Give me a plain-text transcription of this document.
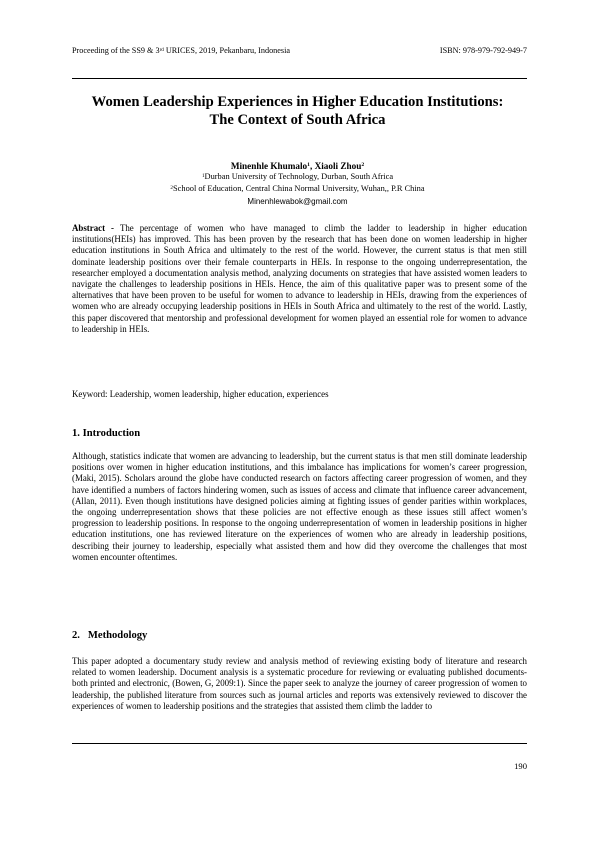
Proceeding of the SS9 & 3rd URICES, 2019, Pekanbaru, Indonesia	ISBN: 978-979-792-949-7
Women Leadership Experiences in Higher Education Institutions:
The Context of South Africa
Minenhle Khumalo$^1$, Xiaoli Zhou$^2$
$^1$Durban University of Technology, Durban, South Africa
$^2$School of Education, Central China Normal University, Wuhan,, P.R China
Minenhlewabok@gmail.com
Abstract - The percentage of women who have managed to climb the ladder to leadership in higher education institutions(HEIs) has improved. This has been proven by the research that has been done on women leadership in higher education institutions in South Africa and ultimately to the rest of the world. However, the current status is that men still dominate leadership positions over their female counterparts in HEIs. In response to the ongoing underrepresentation, the researcher employed a documentation analysis method, analyzing documents on strategies that have assisted women leaders to navigate the challenges to leadership positions in HEIs. Hence, the aim of this qualitative paper was to present some of the alternatives that have been proven to be useful for women to advance to leadership in HEIs, drawing from the experiences of women who are already occupying leadership positions in HEIs in South Africa and ultimately to the rest of the world. Lastly, this paper discovered that mentorship and professional development for women played an essential role for women to advance to leadership in HEIs.
Keyword: Leadership, women leadership, higher education, experiences
1. Introduction
Although, statistics indicate that women are advancing to leadership, but the current status is that men still dominate leadership positions over women in higher education institutions, and this imbalance has implications for women’s career progression, (Maki, 2015). Scholars around the globe have conducted research on factors affecting career progression of women, and they have identified a numbers of factors hindering women, such as issues of access and climate that influence career advancement, (Allan, 2011). Even though institutions have designed policies aiming at fighting issues of gender parities within workplaces, the ongoing underrepresentation shows that these policies are not effective enough as these issues still affect women’s progression to leadership positions. In response to the ongoing underrepresentation of women in leadership positions in higher education institutions, one has reviewed literature on the experiences of women who are already in leadership positions, describing their journey to leadership, especially what assisted them and how did they overcome the challenges that most women encounter oftentimes.
2.   Methodology
This paper adopted a documentary study review and analysis method of reviewing existing body of literature and research related to women leadership. Document analysis is a systematic procedure for reviewing or evaluating published documents- both printed and electronic, (Bowen, G, 2009:1). Since the paper seek to analyze the journey of career progression of women to leadership, the published literature from sources such as journal articles and reports was extensively reviewed to discover the experiences of women to leadership positions and the strategies that assisted them climb the ladder to
190
